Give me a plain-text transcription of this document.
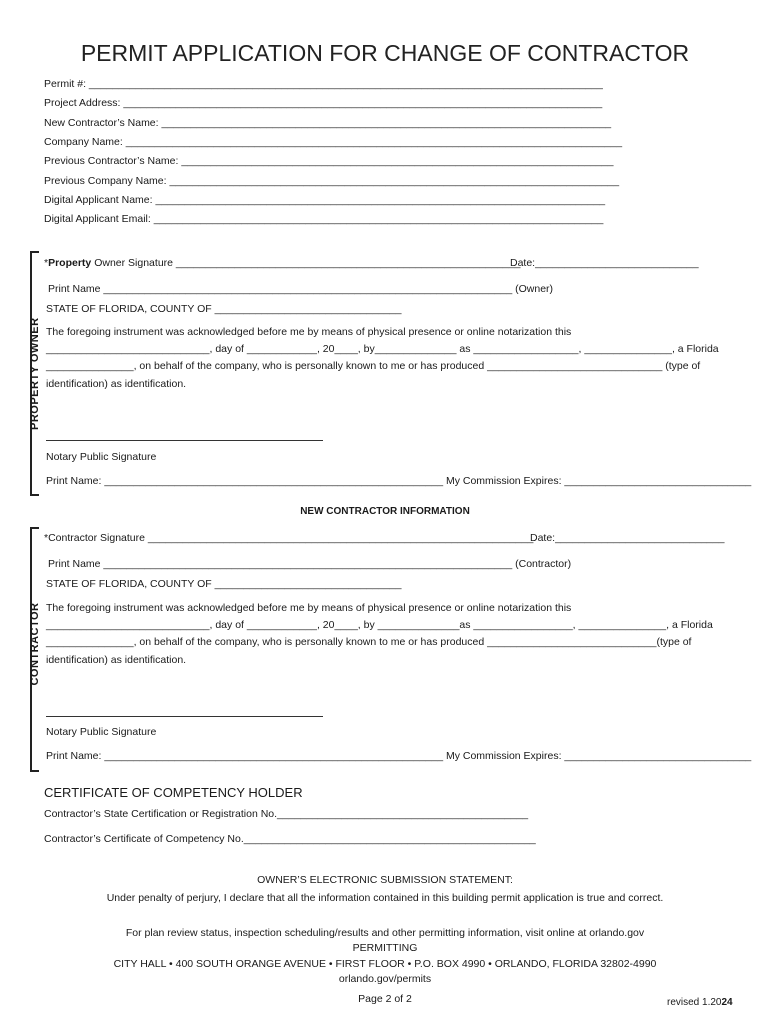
PERMIT APPLICATION FOR CHANGE OF CONTRACTOR
Permit #: ________________________________________________________________________________________
Project Address: __________________________________________________________________________________
New Contractor’s Name: _____________________________________________________________________________
Company Name: _____________________________________________________________________________________
Previous Contractor’s Name: __________________________________________________________________________
Previous Company Name: _____________________________________________________________________________
Digital Applicant Name: _____________________________________________________________________________
Digital Applicant Email: _____________________________________________________________________________
PROPERTY OWNER
*Property Owner Signature ___________________________________________________________
Date:____________________________
Print Name ______________________________________________________________________ (Owner)
STATE OF FLORIDA, COUNTY OF ________________________________
The foregoing instrument was acknowledged before me by means of physical presence or online notarization this
____________________________, day of ____________, 20____, by______________ as __________________, _______________, a Florida
_______________, on behalf of the company, who is personally known to me or has produced ______________________________ (type of
identification) as identification.
Notary Public Signature
Print Name: __________________________________________________________ My Commission Expires: ________________________________
NEW CONTRACTOR INFORMATION
CONTRACTOR
*Contractor Signature __________________________________________________________________
Date:_____________________________
Print Name ______________________________________________________________________ (Contractor)
STATE OF FLORIDA, COUNTY OF ________________________________
The foregoing instrument was acknowledged before me by means of physical presence or online notarization this
____________________________, day of ____________, 20____, by ______________as _________________, _______________, a Florida
_______________, on behalf of the company, who is personally known to me or has produced _____________________________(type of
identification) as identification.
Notary Public Signature
Print Name: __________________________________________________________ My Commission Expires: ________________________________
CERTIFICATE OF COMPETENCY HOLDER
Contractor’s State Certification or Registration No.___________________________________________
Contractor’s Certificate of Competency No.__________________________________________________
OWNER’S ELECTRONIC SUBMISSION STATEMENT:
Under penalty of perjury, I declare that all the information contained in this building permit application is true and correct.
For plan review status, inspection scheduling/results and other permitting information, visit online at orlando.gov
PERMITTING
CITY HALL • 400 SOUTH ORANGE AVENUE • FIRST FLOOR • P.O. BOX 4990 • ORLANDO, FLORIDA 32802-4990
orlando.gov/permits
Page 2 of 2	revised 1.2024
